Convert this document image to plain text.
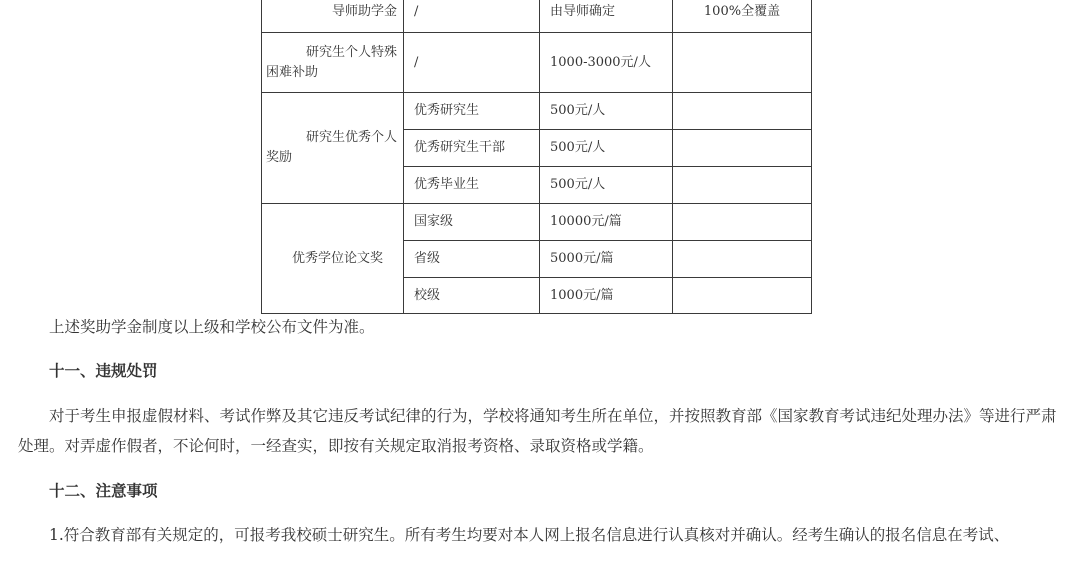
导师助学金	/	由导师确定	100%全覆盖

研究生个人特殊
困难补助	/	1000-3000元/人	

研究生优秀个人
奖励	优秀研究生	500元/人	
	优秀研究生干部	500元/人	
	优秀毕业生	500元/人	

优秀学位论文奖	国家级	10000元/篇	
	省级	5000元/篇	
	校级	1000元/篇	

上述奖助学金制度以上级和学校公布文件为准。

十一、违规处罚

对于考生申报虚假材料、考试作弊及其它违反考试纪律的行为，学校将通知考生所在单位，并按照教育部《国家教育考试违纪处理办法》等进行严肃处理。对弄虚作假者，不论何时，一经查实，即按有关规定取消报考资格、录取资格或学籍。

十二、注意事项

1.符合教育部有关规定的，可报考我校硕士研究生。所有考生均要对本人网上报名信息进行认真核对并确认。经考生确认的报名信息在考试、
